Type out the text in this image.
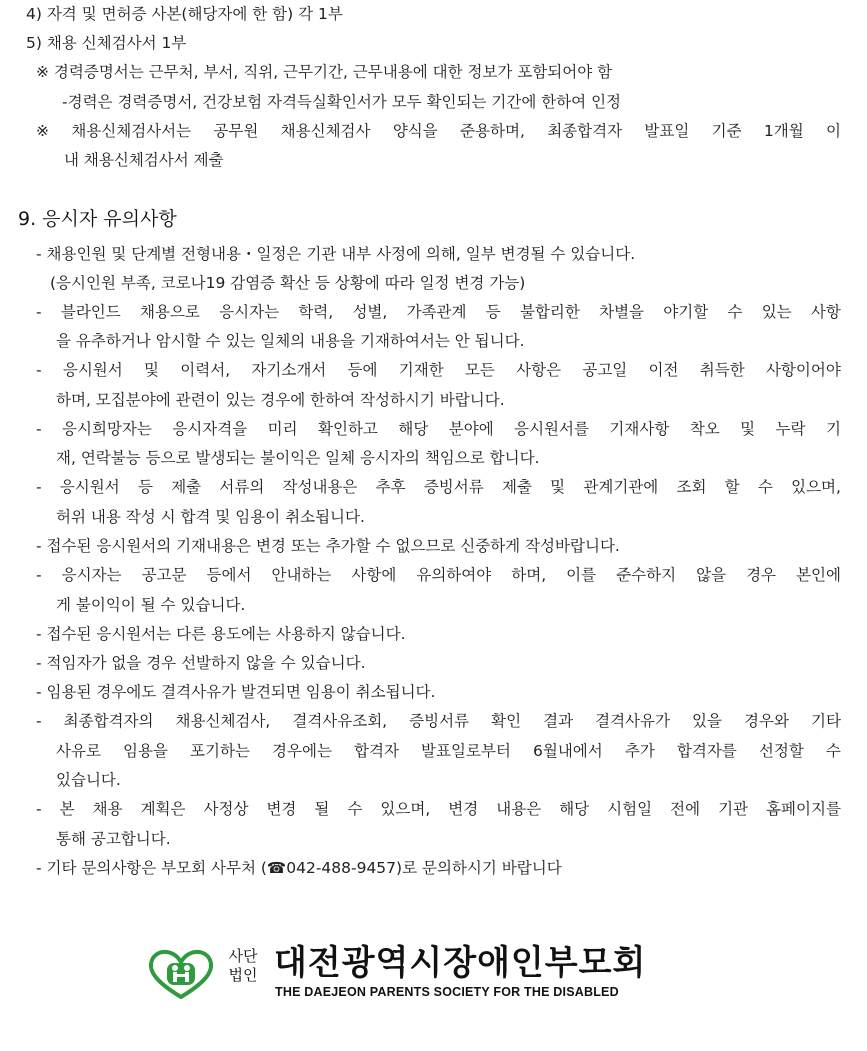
4) 자격 및 면허증 사본(해당자에 한 함) 각 1부
5) 채용 신체검사서 1부
※ 경력증명서는 근무처, 부서, 직위, 근무기간, 근무내용에 대한 정보가 포함되어야 함
-경력은 경력증명서, 건강보험 자격득실확인서가 모두 확인되는 기간에 한하여 인정
※ 채용신체검사서는 공무원 채용신체검사 양식을 준용하며, 최종합격자 발표일 기준 1개월 이
내 채용신체검사서 제출
9. 응시자 유의사항
- 채용인원 및 단계별 전형내용・일정은 기관 내부 사정에 의해, 일부 변경될 수 있습니다.
(응시인원 부족, 코로나19 감염증 확산 등 상황에 따라 일정 변경 가능)
- 블라인드 채용으로 응시자는 학력, 성별, 가족관계 등 불합리한 차별을 야기할 수 있는 사항
을 유추하거나 암시할 수 있는 일체의 내용을 기재하여서는 안 됩니다.
- 응시원서 및 이력서, 자기소개서 등에 기재한 모든 사항은 공고일 이전 취득한 사항이어야
하며, 모집분야에 관련이 있는 경우에 한하여 작성하시기 바랍니다.
- 응시희망자는 응시자격을 미리 확인하고 해당 분야에 응시원서를 기재사항 착오 및 누락 기
재, 연락불능 등으로 발생되는 불이익은 일체 응시자의 책임으로 합니다.
- 응시원서 등 제출 서류의 작성내용은 추후 증빙서류 제출 및 관계기관에 조회 할 수 있으며,
허위 내용 작성 시 합격 및 임용이 취소됩니다.
- 접수된 응시원서의 기재내용은 변경 또는 추가할 수 없으므로 신중하게 작성바랍니다.
- 응시자는 공고문 등에서 안내하는 사항에 유의하여야 하며, 이를 준수하지 않을 경우 본인에
게 불이익이 될 수 있습니다.
- 접수된 응시원서는 다른 용도에는 사용하지 않습니다.
- 적임자가 없을 경우 선발하지 않을 수 있습니다.
- 임용된 경우에도 결격사유가 발견되면 임용이 취소됩니다.
- 최종합격자의 채용신체검사, 결격사유조회, 증빙서류 확인 결과 결격사유가 있을 경우와 기타
사유로 임용을 포기하는 경우에는 합격자 발표일로부터 6월내에서 추가 합격자를 선정할 수
있습니다.
- 본 채용 계획은 사정상 변경 될 수 있으며, 변경 내용은 해당 시험일 전에 기관 홈페이지를
통해 공고합니다.
- 기타 문의사항은 부모회 사무처 (☎042-488-9457)로 문의하시기 바랍니다
사단
법인 대전광역시장애인부모회
THE DAEJEON PARENTS SOCIETY FOR THE DISABLED
